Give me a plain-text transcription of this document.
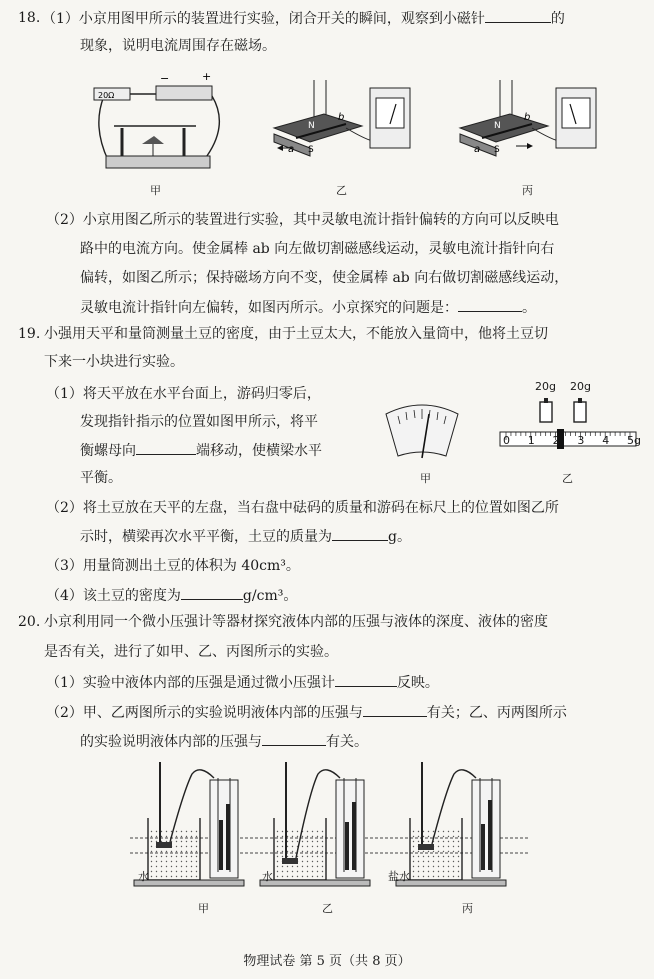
18. （1）小京用图甲所示的装置进行实验，闭合开关的瞬间，观察到小磁针	的
现象，说明电流周围存在磁场。
20Ω
−	+
甲
N
S
b
a
乙
N
S
b
a
丙
（2）小京用图乙所示的装置进行实验，其中灵敏电流计指针偏转的方向可以反映电
路中的电流方向。使金属棒 ab 向左做切割磁感线运动，灵敏电流计指针向右
偏转，如图乙所示；保持磁场方向不变，使金属棒 ab 向右做切割磁感线运动，
灵敏电流计指针向左偏转，如图丙所示。小京探究的问题是：	。
19. 小强用天平和量筒测量土豆的密度，由于土豆太大，不能放入量筒中，他将土豆切
下来一小块进行实验。
（1）将天平放在水平台面上，游码归零后，
发现指针指示的位置如图甲所示，将平
衡螺母向	端移动，使横梁水平
平衡。	甲
20g 20g
0 1 2 3 4 5g
乙
（2）将土豆放在天平的左盘，当右盘中砝码的质量和游码在标尺上的位置如图乙所
示时，横梁再次水平平衡，土豆的质量为	g。
（3）用量筒测出土豆的体积为 40cm³。
（4）该土豆的密度为	g/cm³。
20. 小京利用同一个微小压强计等器材探究液体内部的压强与液体的深度、液体的密度
是否有关，进行了如甲、乙、丙图所示的实验。
（1）实验中液体内部的压强是通过微小压强计	反映。
（2）甲、乙两图所示的实验说明液体内部的压强与	有关；乙、丙两图所示
的实验说明液体内部的压强与	有关。
水	水	盐水
甲	乙	丙
物理试卷 第 5 页（共 8 页）
